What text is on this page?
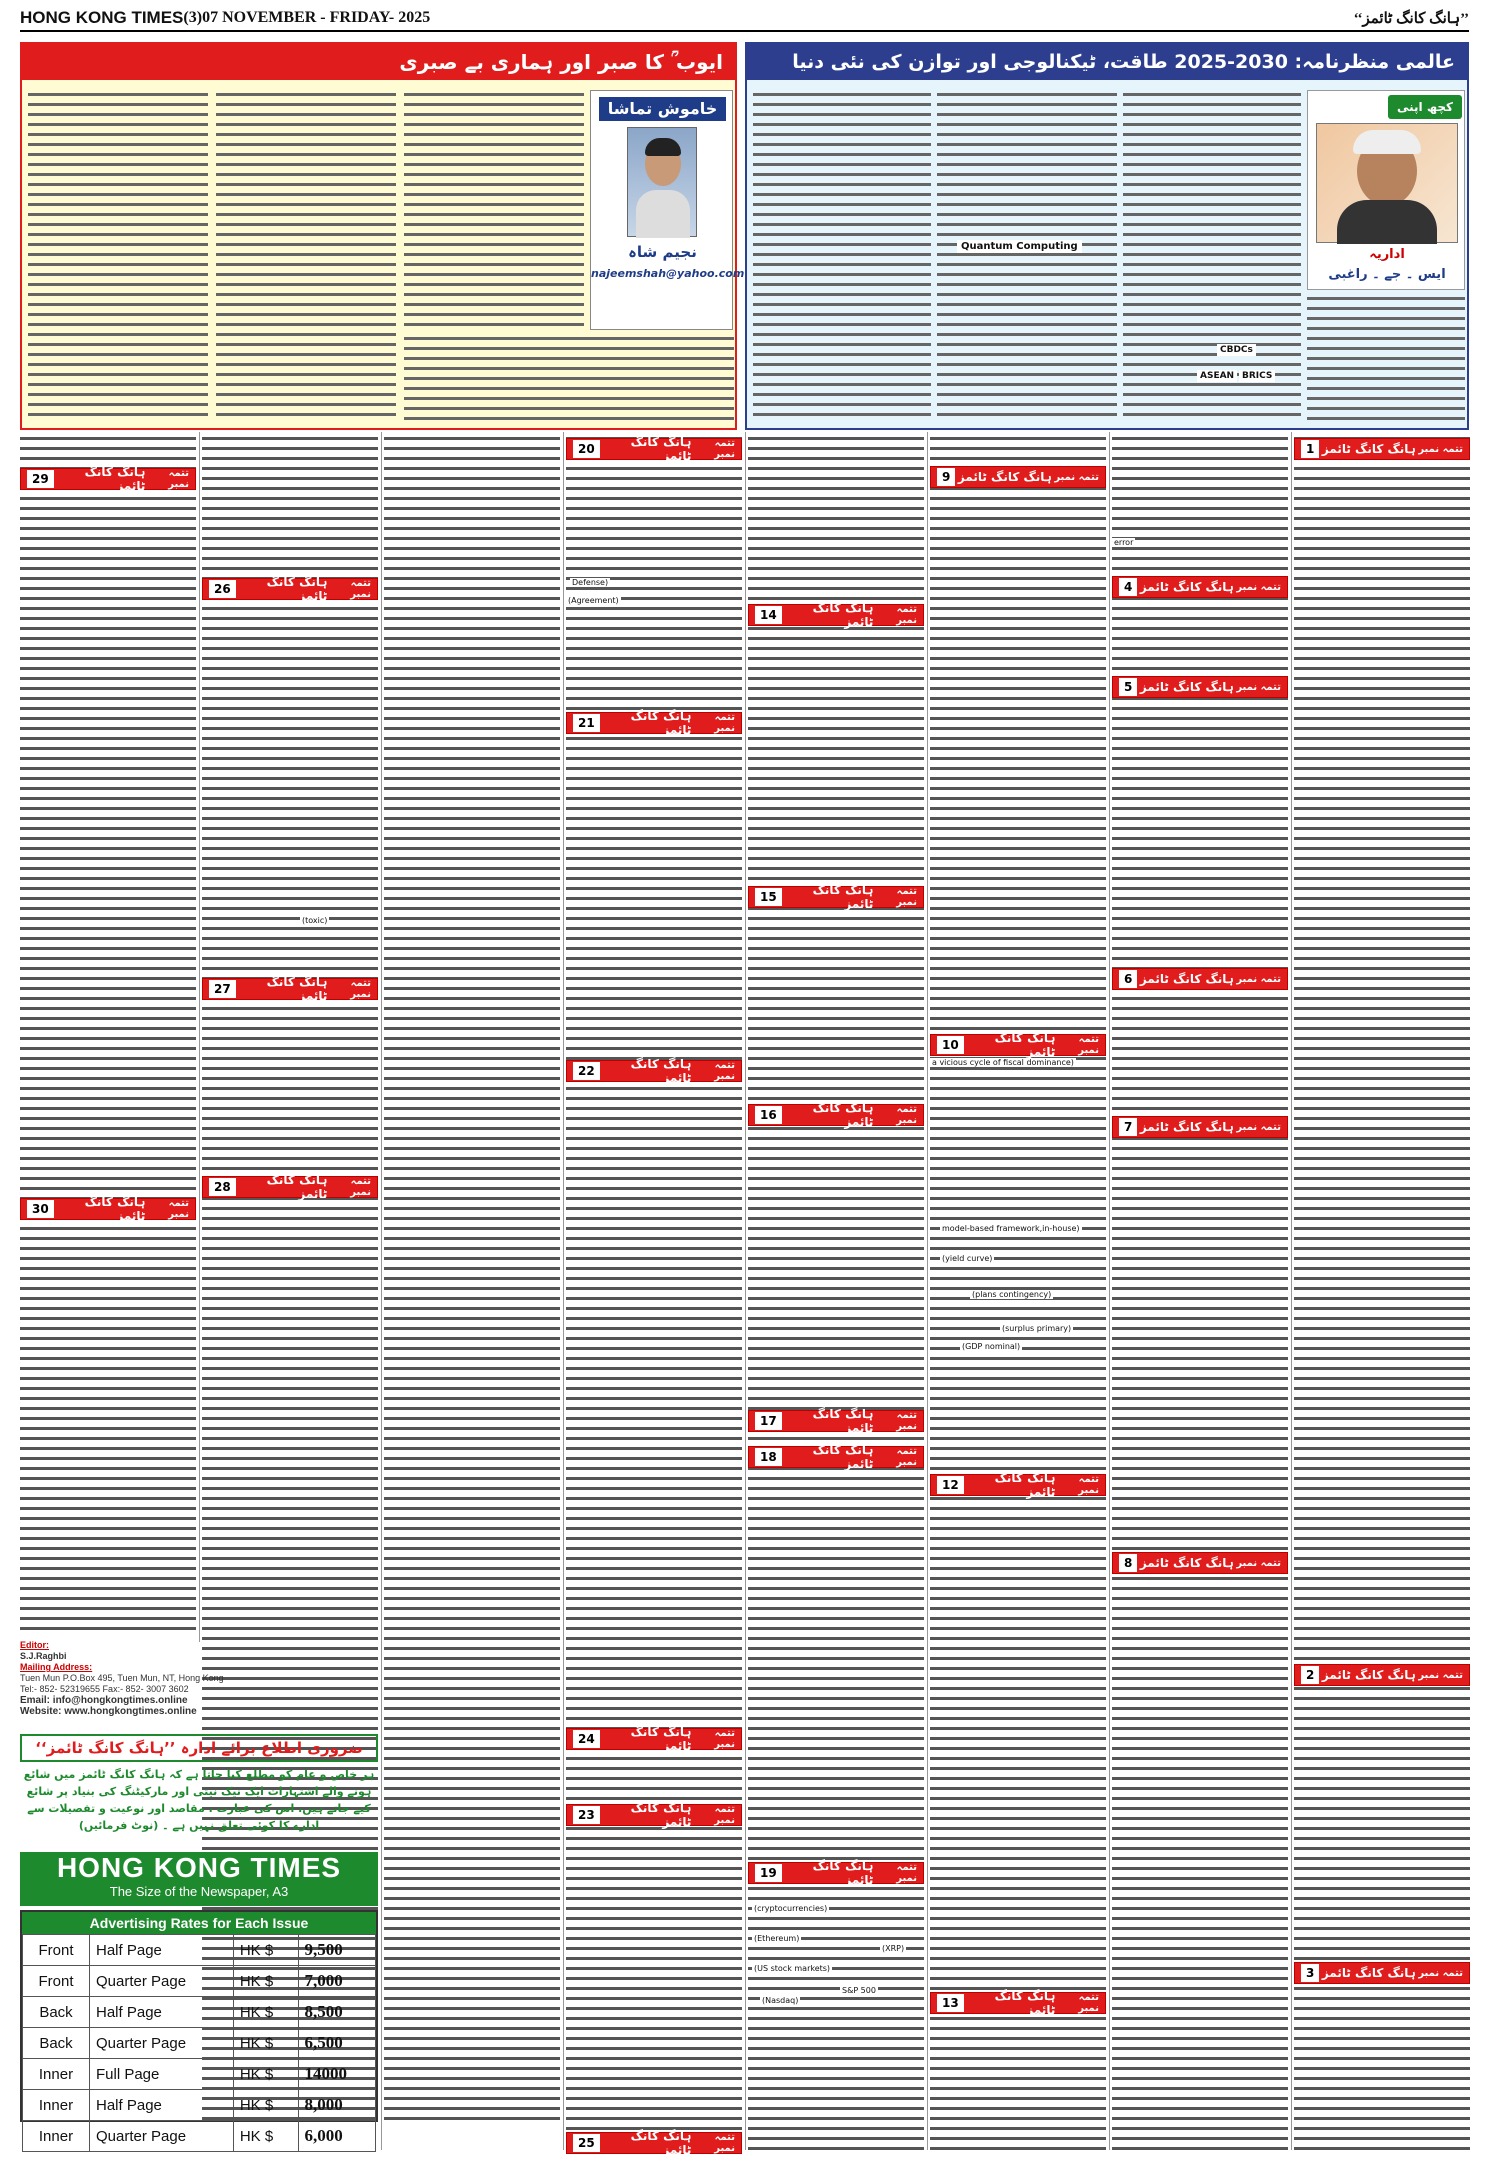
HONG KONG TIMES (3) 07 NOVEMBER - FRIDAY- 2025	’’ہانگ کانگ ٹائمز‘‘
ایوب ؒ کا صبر اور ہماری بے صبری
خاموش تماشا
نجیم شاہ
najeemshah@yahoo.com
عالمی منظرنامہ: 2030-2025 طاقت، ٹیکنالوجی اور توازن کی نئی دنیا
کچھ اپنی
اداریہ
ایس ۔ جے ۔ راغبی
Quantum Computing
ASEAN BRICS
CBDCs
(Agreement)
Defense)
(toxic)
a vicious cycle of fiscal dominance)
model-based framework,in-house)
(yield curve)
(plans contingency)
(surplus primary)
(GDP nominal)
(cryptocurrencies)
(Ethereum)
(XRP)
(US stock markets)
S&P 500
(Nasdaq)
error
1 ہانگ کانگ ٹائمز تتمہ نمبر
2 ہانگ کانگ ٹائمز تتمہ نمبر
3 ہانگ کانگ ٹائمز تتمہ نمبر
4 ہانگ کانگ ٹائمز تتمہ نمبر
5 ہانگ کانگ ٹائمز تتمہ نمبر
6 ہانگ کانگ ٹائمز تتمہ نمبر
7 ہانگ کانگ ٹائمز تتمہ نمبر
8 ہانگ کانگ ٹائمز تتمہ نمبر
9 ہانگ کانگ ٹائمز تتمہ نمبر
10	ہانگ کانگ ٹائمز
تتمہ نمبر
12	ہانگ کانگ ٹائمز
تتمہ نمبر
13	ہانگ کانگ ٹائمز
تتمہ نمبر
14	ہانگ کانگ ٹائمز
تتمہ نمبر
15	ہانگ کانگ ٹائمز
تتمہ نمبر
16	ہانگ کانگ ٹائمز
تتمہ نمبر
17	ہانگ کانگ ٹائمز
تتمہ نمبر
18	ہانگ کانگ ٹائمز
تتمہ نمبر
19	ہانگ کانگ ٹائمز
تتمہ نمبر
20	ہانگ کانگ ٹائمز
تتمہ نمبر
21	ہانگ کانگ ٹائمز
تتمہ نمبر
22	ہانگ کانگ ٹائمز
تتمہ نمبر
23	ہانگ کانگ ٹائمز
تتمہ نمبر
24	ہانگ کانگ ٹائمز
تتمہ نمبر
25	ہانگ کانگ ٹائمز
تتمہ نمبر
26	ہانگ کانگ ٹائمز
تتمہ نمبر
27	ہانگ کانگ ٹائمز
تتمہ نمبر
28	ہانگ کانگ ٹائمز
تتمہ نمبر
29	ہانگ کانگ ٹائمز
تتمہ نمبر
30	ہانگ کانگ ٹائمز
تتمہ نمبر
Editor:
S.J.Raghbi
Mailing Address:
Tuen Mun P.O.Box 495, Tuen Mun, NT, Hong Kong
Tel:- 852- 52319655 Fax:- 852- 3007 3602
Email: info@hongkongtimes.online
Website: www.hongkongtimes.online
ضروری اطلاع برائے ادارہ ’’ہانگ کانگ ٹائمز‘‘
ہر خاص و عام کو مطلع کیا جاتا ہے کہ ہانگ کانگ ٹائمز میں شائع ہونے والے اشتہارات ایک نیک نیتی اور مارکیٹنگ کی بنیاد پر شائع کیے جاتے ہیں، اس کی عبارت ، مقاصد اور نوعیت و تفصیلات سے ادارے کا کوئی تعلق نہیں ہے ۔ (نوٹ فرمائیں)
HONG KONG TIMES
The Size of the Newspaper, A3
Advertising Rates for Each Issue
Front	Half Page	HK $	9,500
Front	Quarter Page	HK $	7,000
Back	Half Page	HK $	8,500
Back	Quarter Page	HK $	6,500
Inner	Full Page	HK $	14000
Inner	Half Page	HK $	8,000
Inner	Quarter Page	HK $	6,000
